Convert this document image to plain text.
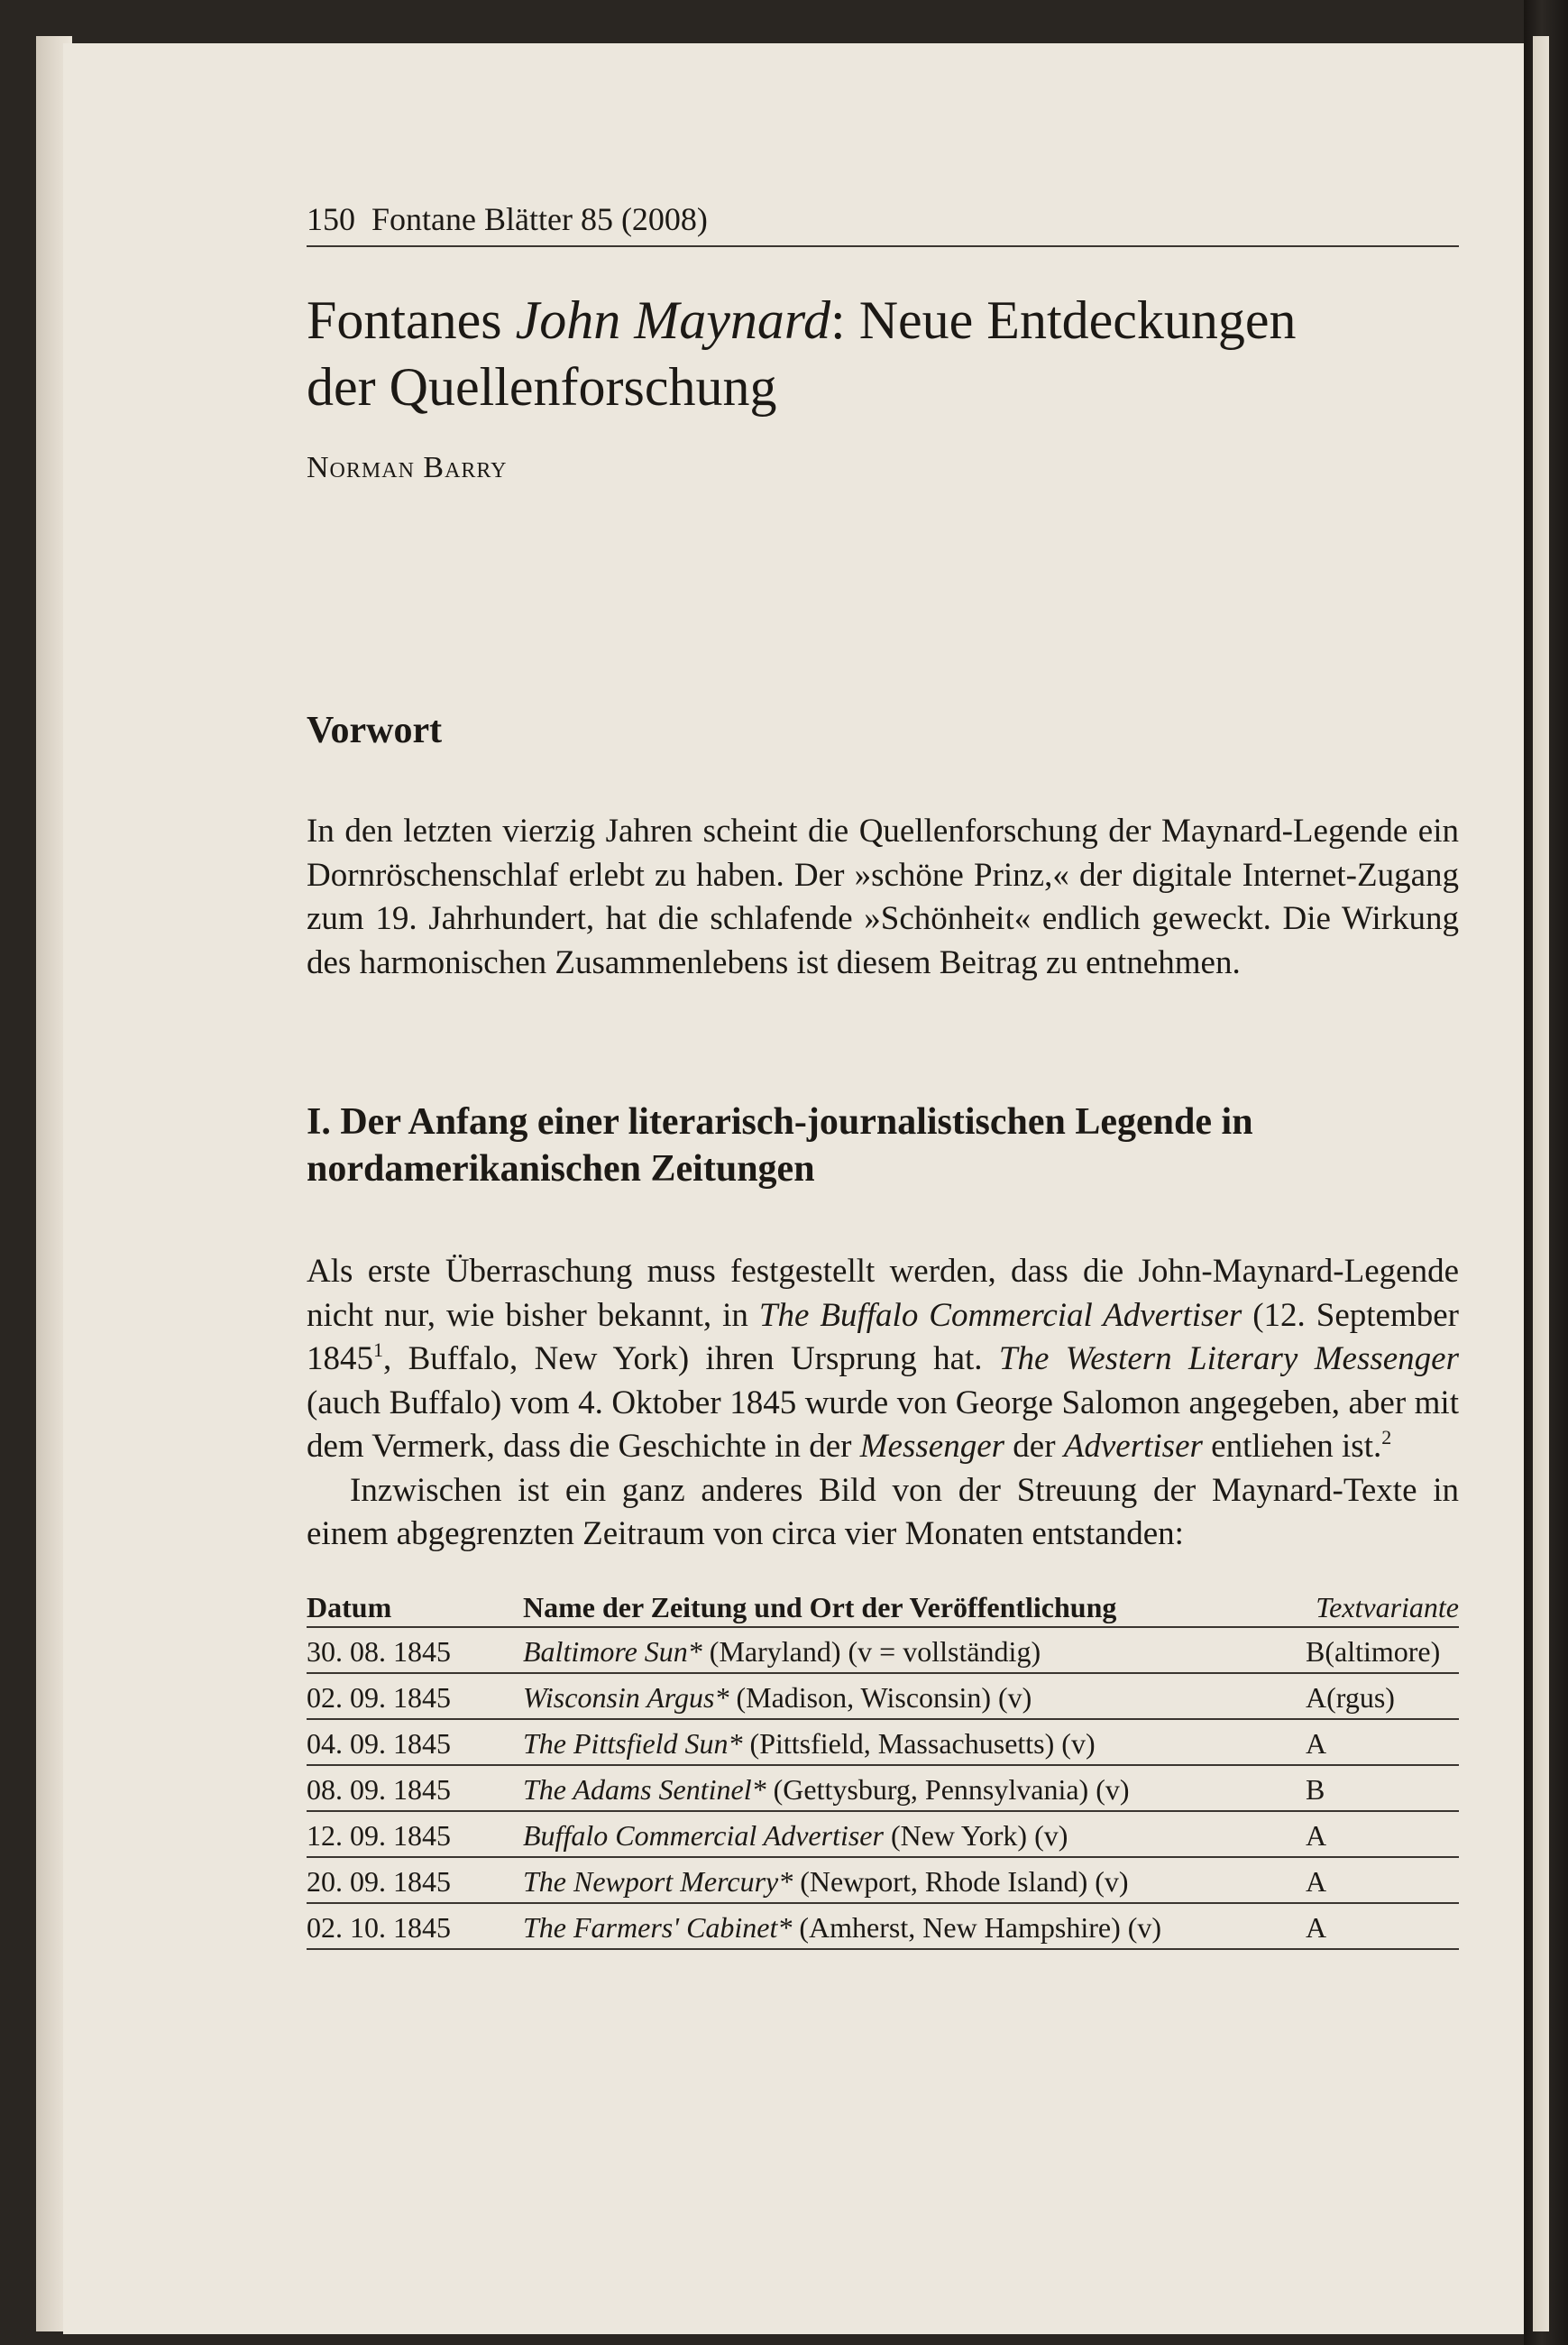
150 Fontane Blätter 85 (2008)
Fontanes John Maynard: Neue Entdeckungen
der Quellenforschung
Norman Barry
Vorwort

In den letzten vierzig Jahren scheint die Quellenforschung der Maynard-Legende ein Dornröschenschlaf erlebt zu haben. Der »schöne Prinz,« der digitale Internet-Zugang zum 19. Jahrhundert, hat die schlafende »Schönheit« endlich geweckt. Die Wirkung des harmonischen Zusammenlebens ist diesem Beitrag zu entnehmen.

I. Der Anfang einer literarisch-journalistischen Legende in nordamerikanischen Zeitungen

Als erste Überraschung muss festgestellt werden, dass die John-Maynard-Legende nicht nur, wie bisher bekannt, in The Buffalo Commercial Advertiser (12. September 1845$^1$, Buffalo, New York) ihren Ursprung hat. The Western Literary Messenger (auch Buffalo) vom 4. Oktober 1845 wurde von George Salomon angegeben, aber mit dem Vermerk, dass die Geschichte in der Messenger der Advertiser entliehen ist.$^2$

Inzwischen ist ein ganz anderes Bild von der Streuung der Maynard-Texte in einem abgegrenzten Zeitraum von circa vier Monaten entstanden:

Datum	Name der Zeitung und Ort der Veröffentlichung	Textvariante
30. 08. 1845	Baltimore Sun* (Maryland) (v = vollständig)	B(altimore)
02. 09. 1845	Wisconsin Argus* (Madison, Wisconsin) (v)	A(rgus)
04. 09. 1845	The Pittsfield Sun* (Pittsfield, Massachusetts) (v)	A
08. 09. 1845	The Adams Sentinel* (Gettysburg, Pennsylvania) (v)	B
12. 09. 1845	Buffalo Commercial Advertiser (New York) (v)	A
20. 09. 1845	The Newport Mercury* (Newport, Rhode Island) (v)	A
02. 10. 1845	The Farmers' Cabinet* (Amherst, New Hampshire) (v)	A
